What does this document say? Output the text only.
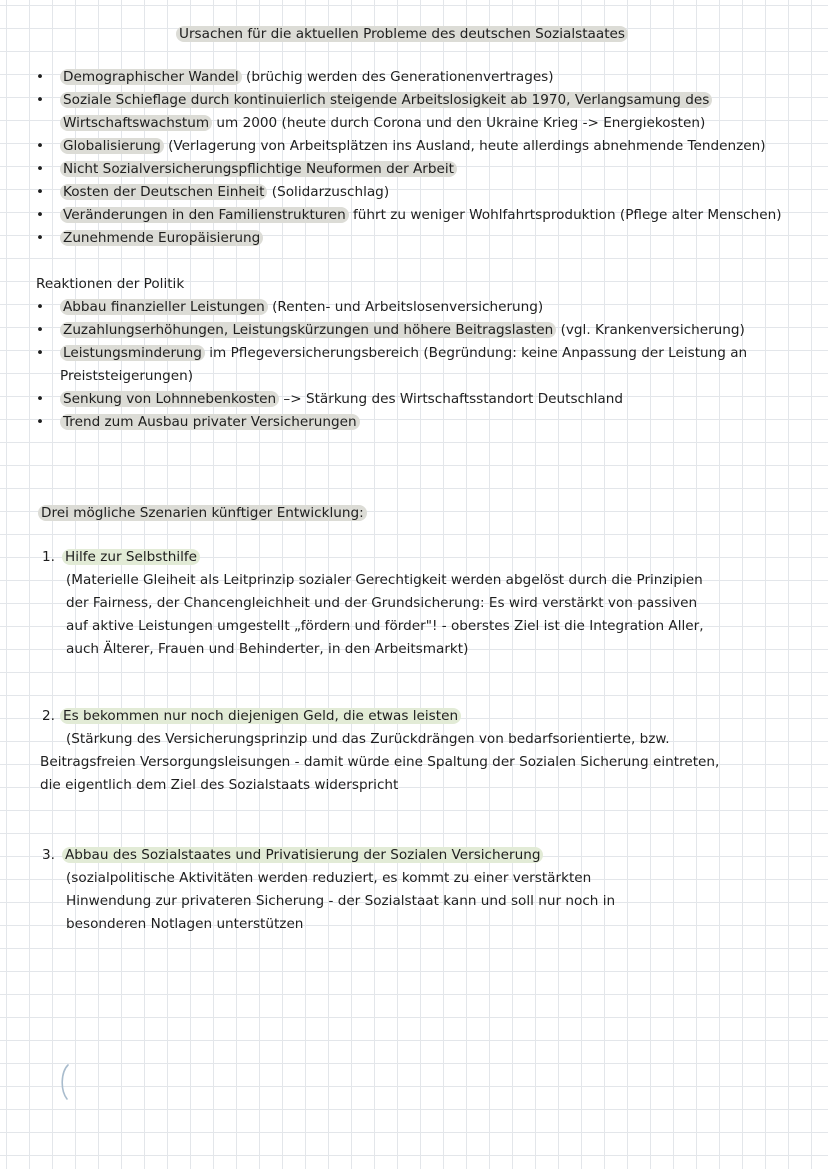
Ursachen für die aktuellen Probleme des deutschen Sozialstaates

• Demographischer Wandel (brüchig werden des Generationenvertrages)

• Soziale Schieflage durch kontinuierlich steigende Arbeitslosigkeit ab 1970, Verlangsamung des

Wirtschaftswachstum um 2000 (heute durch Corona und den Ukraine Krieg -> Energiekosten)

• Globalisierung (Verlagerung von Arbeitsplätzen ins Ausland, heute allerdings abnehmende Tendenzen)

• Nicht Sozialversicherungspflichtige Neuformen der Arbeit

• Kosten der Deutschen Einheit (Solidarzuschlag)

• Veränderungen in den Familienstrukturen führt zu weniger Wohlfahrtsproduktion (Pflege alter Menschen)

• Zunehmende Europäisierung

Reaktionen der Politik

• Abbau finanzieller Leistungen (Renten- und Arbeitslosenversicherung)

• Zuzahlungserhöhungen, Leistungskürzungen und höhere Beitragslasten (vgl. Krankenversicherung)

• Leistungsminderung im Pflegeversicherungsbereich (Begründung: keine Anpassung der Leistung an

Preiststeigerungen)

• Senkung von Lohnnebenkosten –> Stärkung des Wirtschaftsstandort Deutschland

• Trend zum Ausbau privater Versicherungen

Drei mögliche Szenarien künftiger Entwicklung:

1. Hilfe zur Selbsthilfe

(Materielle Gleiheit als Leitprinzip sozialer Gerechtigkeit werden abgelöst durch die Prinzipien

der Fairness, der Chancengleichheit und der Grundsicherung: Es wird verstärkt von passiven

auf aktive Leistungen umgestellt „fördern und förder"! - oberstes Ziel ist die Integration Aller,

auch Älterer, Frauen und Behinderter, in den Arbeitsmarkt)

2. Es bekommen nur noch diejenigen Geld, die etwas leisten

(Stärkung des Versicherungsprinzip und das Zurückdrängen von bedarfsorientierte, bzw.

Beitragsfreien Versorgungsleisungen - damit würde eine Spaltung der Sozialen Sicherung eintreten,

die eigentlich dem Ziel des Sozialstaats widerspricht

3. Abbau des Sozialstaates und Privatisierung der Sozialen Versicherung

(sozialpolitische Aktivitäten werden reduziert, es kommt zu einer verstärkten

Hinwendung zur privateren Sicherung - der Sozialstaat kann und soll nur noch in

besonderen Notlagen unterstützen
